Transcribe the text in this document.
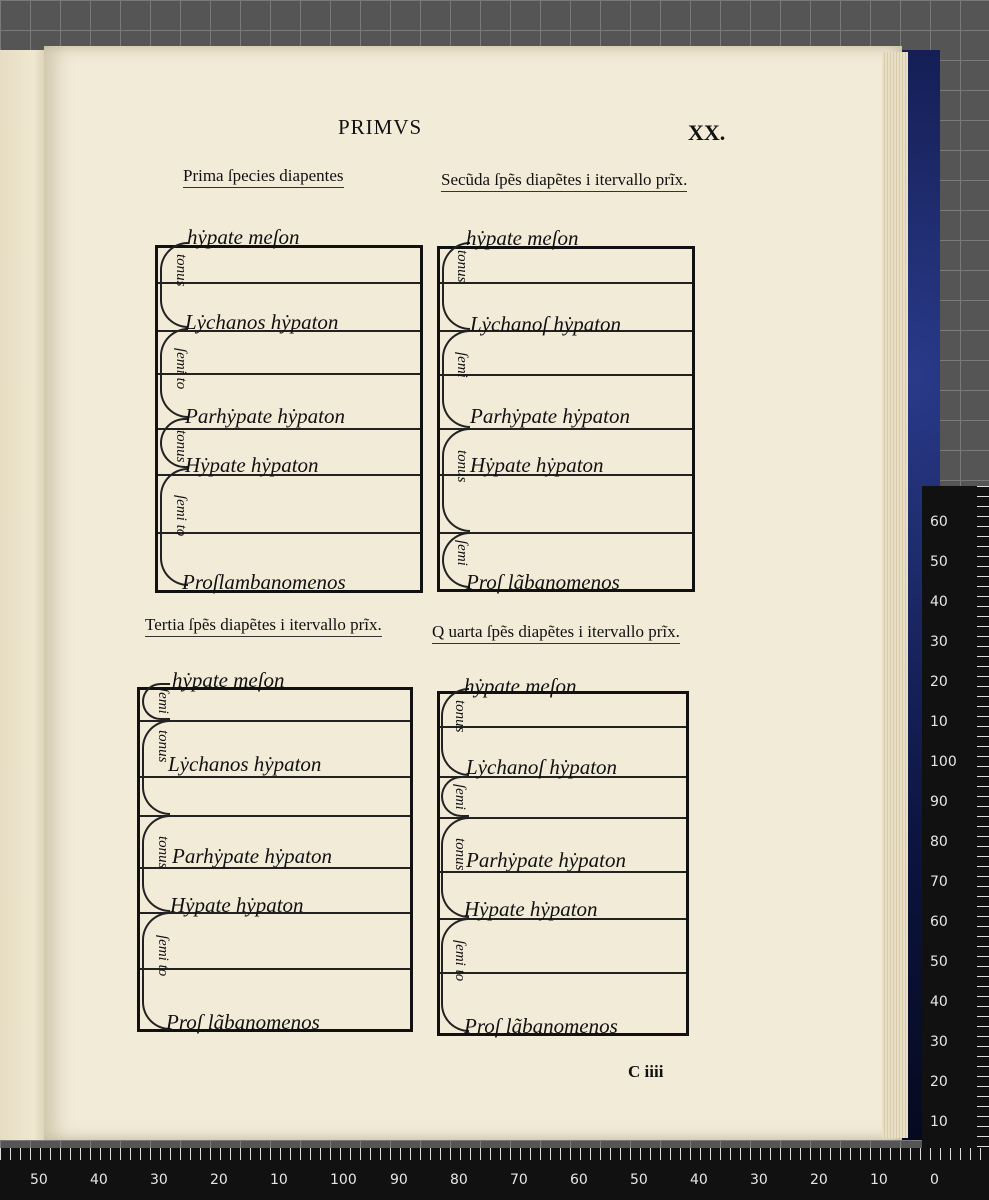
PRIMVS	XX.
C iiii
Prima ſpecies diapentes
hẏpate meſon
Lẏchanos hẏpaton
Parhẏpate hẏpaton
Hẏpate hẏpaton
Proſlambanomenos
tonus
ſemi to
tonus
ſemi to
Secũda ſpẽs diapẽtes i itervallo prĩx.
hẏpate meſon
Lẏchanoſ hẏpaton
Parhẏpate hẏpaton
Hẏpate hẏpaton
Proſ lãbanomenos
tonus
ſemi
tonus
ſemi
Tertia ſpẽs diapẽtes i itervallo prĩx.
hẏpate meſon
Lẏchanos hẏpaton
Parhẏpate hẏpaton
Hẏpate hẏpaton
Proſ lãbanomenos
ſemi
tonus
tonus
ſemi to
Q uarta ſpẽs diapẽtes i itervallo prĩx.
hẏpate meſon
Lẏchanoſ hẏpaton
Parhẏpate hẏpaton
Hẏpate hẏpaton
Proſ lãbanomenos
tonus
ſemi
tonus
ſemi to
60
50
40
30
20
10
100
90
80
70
60
50
40
30
20
10
0
10
20
30
40
50
60
70
80
90
100
10
20
30
40
50
